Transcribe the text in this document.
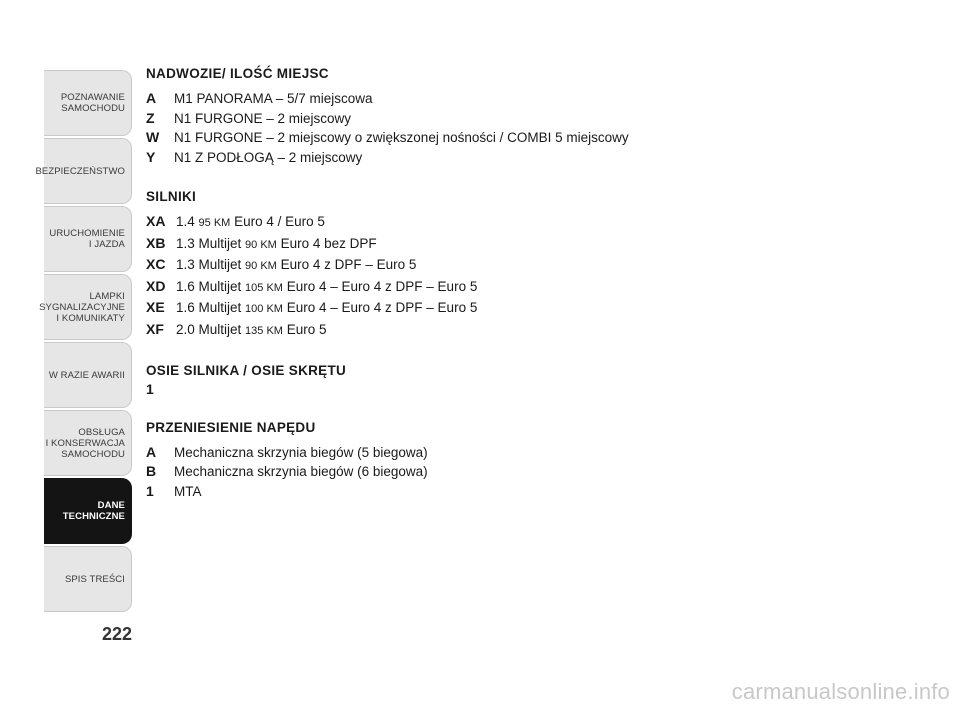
POZNAWANIE
SAMOCHODU
BEZPIECZEŃSTWO
URUCHOMIENIE
I JAZDA
LAMPKI
SYGNALIZACYJNE
I KOMUNIKATY
W RAZIE AWARII
OBSŁUGA
I KONSERWACJA
SAMOCHODU
DANE
TECHNICZNE
SPIS TREŚCI
222
NADWOZIE/ ILOŚĆ MIEJSC
A	M1 PANORAMA – 5/7 miejscowa
Z	N1 FURGONE – 2 miejscowy
W	N1 FURGONE – 2 miejscowy o zwiększonej nośności / COMBI 5 miejscowy
Y	N1 Z PODŁOGĄ – 2 miejscowy
SILNIKI
XA 1.4 95 KM Euro 4 / Euro 5
XB 1.3 Multijet 90 KM Euro 4 bez DPF
XC 1.3 Multijet 90 KM Euro 4 z DPF – Euro 5
XD 1.6 Multijet 105 KM Euro 4 – Euro 4 z DPF – Euro 5
XE 1.6 Multijet 100 KM Euro 4 – Euro 4 z DPF – Euro 5
XF 2.0 Multijet 135 KM Euro 5
OSIE SILNIKA / OSIE SKRĘTU
1
PRZENIESIENIE NAPĘDU
A	Mechaniczna skrzynia biegów (5 biegowa)
B	Mechaniczna skrzynia biegów (6 biegowa)
1	MTA
carmanualsonline.info
